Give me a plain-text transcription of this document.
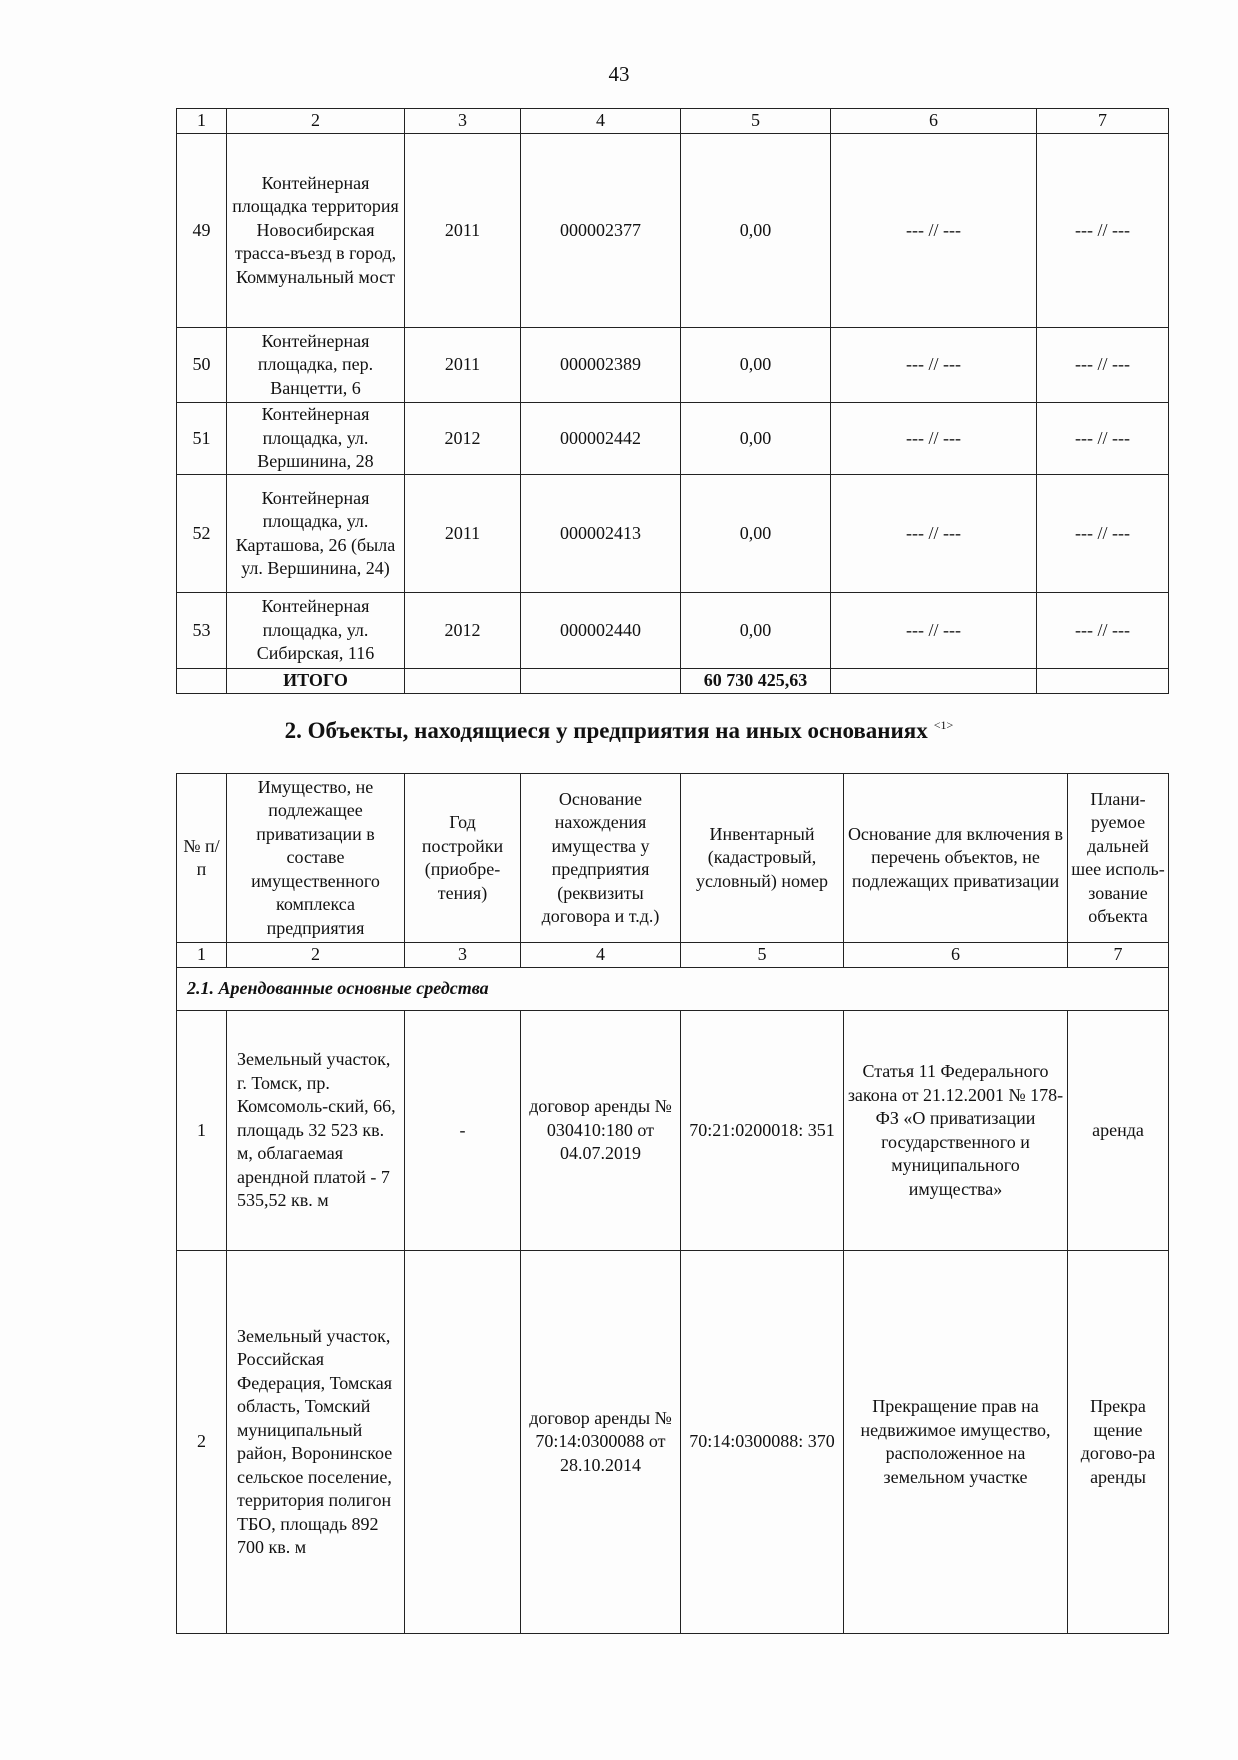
43
1	2	3	4	5	6	7
49	Контейнерная площадка территория Новосибирская трасса-въезд в город, Коммунальный мост	2011	000002377	0,00	--- // ---	--- // ---
50	Контейнерная площадка, пер. Ванцетти, 6	2011	000002389	0,00	--- // ---	--- // ---
51	Контейнерная площадка, ул. Вершинина, 28	2012	000002442	0,00	--- // ---	--- // ---
52	Контейнерная площадка, ул. Карташова, 26 (была ул. Вершинина, 24)	2011	000002413	0,00	--- // ---	--- // ---
53	Контейнерная площадка, ул. Сибирская, 116	2012	000002440	0,00	--- // ---	--- // ---
	ИТОГО			60 730 425,63		
2. Объекты, находящиеся у предприятия на иных основаниях $^{<1>}$
№ п/п	Имущество, не подлежащее приватизации в составе имущественного комплекса предприятия	Год постройки (приобре-тения)	Основание нахождения имущества у предприятия (реквизиты договора и т.д.)	Инвентарный (кадастровый, условный) номер	Основание для включения в перечень объектов, не подлежащих приватизации	Плани-руемое дальней шее исполь-зование объекта
1	2	3	4	5	6	7
2.1. Арендованные основные средства						
1	Земельный участок, г. Томск, пр. Комсомоль-ский, 66, площадь 32 523 кв. м, облагаемая арендной платой - 7 535,52 кв. м	-	договор аренды № 030410:180 от 04.07.2019	70:21:0200018: 351	Статья 11 Федерального закона от 21.12.2001 № 178-ФЗ «О приватизации государственного и муниципального имущества»	аренда
2	Земельный участок, Российская Федерация, Томская область, Томский муниципальный район, Воронинское сельское поселение, территория полигон ТБО, площадь 892 700 кв. м		договор аренды № 70:14:0300088 от 28.10.2014	70:14:0300088: 370	Прекращение прав на недвижимое имущество, расположенное на земельном участке	Прекра щение догово-ра аренды
